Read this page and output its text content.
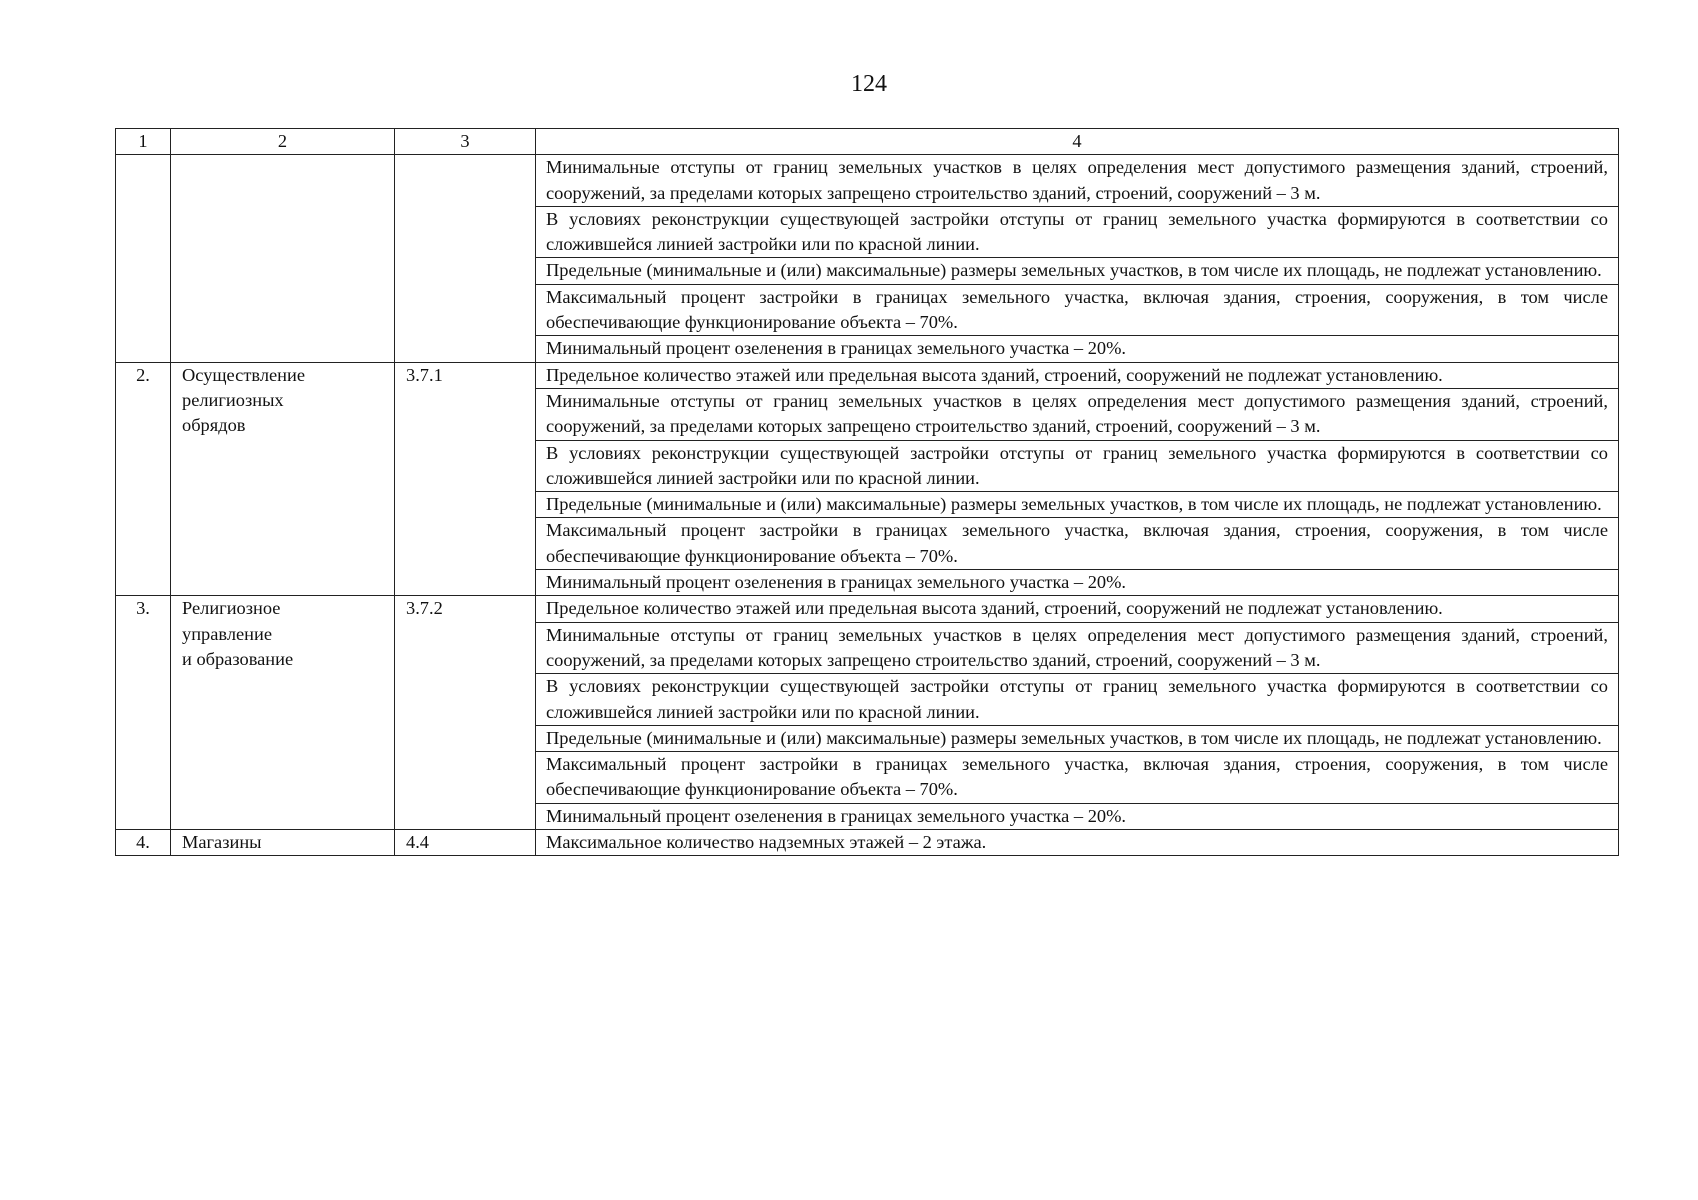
124
1	2	3	4
			Минимальные отступы от границ земельных участков в целях определения мест допустимого размещения зданий, строений, сооружений, за пределами которых запрещено строительство зданий, строений, сооружений – 3 м.
			В условиях реконструкции существующей застройки отступы от границ земельного участка формируются в соответствии со сложившейся линией застройки или по красной линии.
			Предельные (минимальные и (или) максимальные) размеры земельных участков, в том числе их площадь, не подлежат установлению.
			Максимальный процент застройки в границах земельного участка, включая здания, строения, сооружения, в том числе обеспечивающие функционирование объекта – 70%.
			Минимальный процент озеленения в границах земельного участка – 20%.
2.	Осуществление
религиозных
обрядов	3.7.1	Предельное количество этажей или предельная высота зданий, строений, сооружений не подлежат установлению.
			Минимальные отступы от границ земельных участков в целях определения мест допустимого размещения зданий, строений, сооружений, за пределами которых запрещено строительство зданий, строений, сооружений – 3 м.
			В условиях реконструкции существующей застройки отступы от границ земельного участка формируются в соответствии со сложившейся линией застройки или по красной линии.
			Предельные (минимальные и (или) максимальные) размеры земельных участков, в том числе их площадь, не подлежат установлению.
			Максимальный процент застройки в границах земельного участка, включая здания, строения, сооружения, в том числе обеспечивающие функционирование объекта – 70%.
			Минимальный процент озеленения в границах земельного участка – 20%.
3.	Религиозное
управление
и образование	3.7.2	Предельное количество этажей или предельная высота зданий, строений, сооружений не подлежат установлению.
			Минимальные отступы от границ земельных участков в целях определения мест допустимого размещения зданий, строений, сооружений, за пределами которых запрещено строительство зданий, строений, сооружений – 3 м.
			В условиях реконструкции существующей застройки отступы от границ земельного участка формируются в соответствии со сложившейся линией застройки или по красной линии.
			Предельные (минимальные и (или) максимальные) размеры земельных участков, в том числе их площадь, не подлежат установлению.
			Максимальный процент застройки в границах земельного участка, включая здания, строения, сооружения, в том числе обеспечивающие функционирование объекта – 70%.
			Минимальный процент озеленения в границах земельного участка – 20%.
4.	Магазины	4.4	Максимальное количество надземных этажей – 2 этажа.
